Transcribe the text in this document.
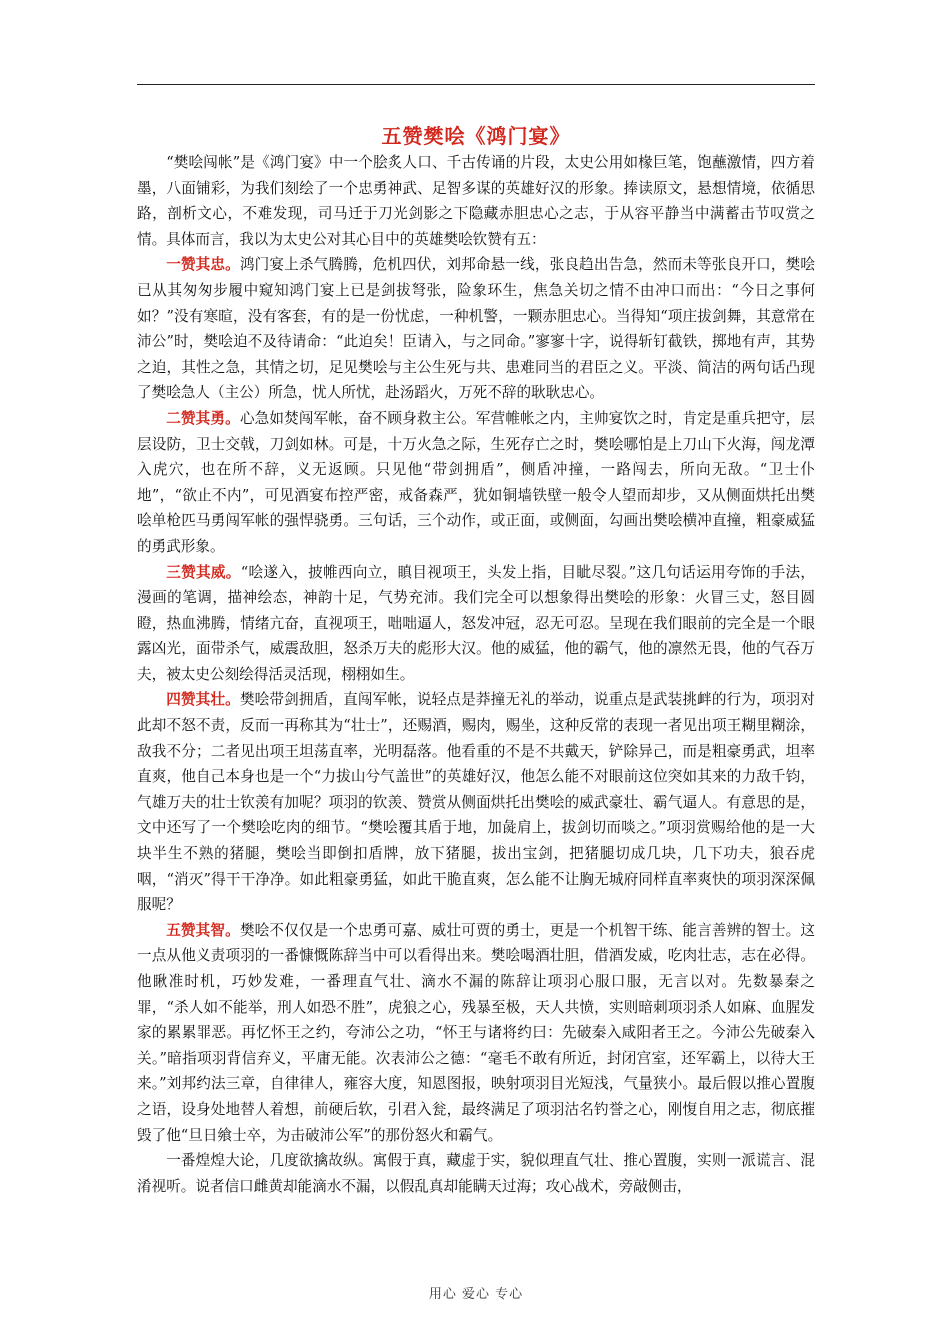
五赞樊哙《鸿门宴》

“樊哙闯帐”是《鸿门宴》中一个脍炙人口、千古传诵的片段，太史公用如椽巨笔，饱蘸激情，四方着墨，八面铺彩，为我们刻绘了一个忠勇神武、足智多谋的英雄好汉的形象。捧读原文，悬想情境，依循思路，剖析文心，不难发现，司马迁于刀光剑影之下隐藏赤胆忠心之志，于从容平静当中满蓄击节叹赏之情。具体而言，我以为太史公对其心目中的英雄樊哙钦赞有五：

一赞其忠。鸿门宴上杀气腾腾，危机四伏，刘邦命悬一线，张良趋出告急，然而未等张良开口，樊哙已从其匆匆步履中窥知鸿门宴上已是剑拔弩张，险象环生，焦急关切之情不由冲口而出：“今日之事何如？”没有寒暄，没有客套，有的是一份忧虑，一种机警，一颗赤胆忠心。当得知“项庄拔剑舞，其意常在沛公”时，樊哙迫不及待请命：“此迫矣！臣请入，与之同命。”寥寥十字，说得斩钉截铁，掷地有声，其势之迫，其性之急，其情之切，足见樊哙与主公生死与共、患难同当的君臣之义。平淡、简洁的两句话凸现了樊哙急人（主公）所急，忧人所忧，赴汤蹈火，万死不辞的耿耿忠心。

二赞其勇。心急如焚闯军帐，奋不顾身救主公。军营帷帐之内，主帅宴饮之时，肯定是重兵把守，层层设防，卫士交戟，刀剑如林。可是，十万火急之际，生死存亡之时，樊哙哪怕是上刀山下火海，闯龙潭入虎穴，也在所不辞，义无返顾。只见他“带剑拥盾”，侧盾冲撞，一路闯去，所向无敌。“卫士仆地”，“欲止不内”，可见酒宴布控严密，戒备森严，犹如铜墙铁壁一般令人望而却步，又从侧面烘托出樊哙单枪匹马勇闯军帐的强悍骁勇。三句话，三个动作，或正面，或侧面，勾画出樊哙横冲直撞，粗豪威猛的勇武形象。

三赞其威。“哙遂入，披帷西向立，瞋目视项王，头发上指，目眦尽裂。”这几句话运用夸饰的手法，漫画的笔调，描神绘态，神韵十足，气势充沛。我们完全可以想象得出樊哙的形象：火冒三丈，怒目圆瞪，热血沸腾，情绪亢奋，直视项王，咄咄逼人，怒发冲冠，忍无可忍。呈现在我们眼前的完全是一个眼露凶光，面带杀气，威震敌胆，怒杀万夫的彪形大汉。他的威猛，他的霸气，他的凛然无畏，他的气吞万夫，被太史公刻绘得活灵活现，栩栩如生。

四赞其壮。樊哙带剑拥盾，直闯军帐，说轻点是莽撞无礼的举动，说重点是武装挑衅的行为，项羽对此却不怒不责，反而一再称其为“壮士”，还赐酒，赐肉，赐坐，这种反常的表现一者见出项王糊里糊涂，敌我不分；二者见出项王坦荡直率，光明磊落。他看重的不是不共戴天，铲除异己，而是粗豪勇武，坦率直爽，他自己本身也是一个“力拔山兮气盖世”的英雄好汉，他怎么能不对眼前这位突如其来的力敌千钧，气雄万夫的壮士钦羡有加呢？项羽的钦羡、赞赏从侧面烘托出樊哙的威武豪壮、霸气逼人。有意思的是，文中还写了一个樊哙吃肉的细节。“樊哙覆其盾于地，加彘肩上，拔剑切而啖之。”项羽赏赐给他的是一大块半生不熟的猪腿，樊哙当即倒扣盾牌，放下猪腿，拔出宝剑，把猪腿切成几块，几下功夫，狼吞虎咽，“消灭”得干干净净。如此粗豪勇猛，如此干脆直爽，怎么能不让胸无城府同样直率爽快的项羽深深佩服呢？

五赞其智。樊哙不仅仅是一个忠勇可嘉、威壮可贾的勇士，更是一个机智干练、能言善辨的智士。这一点从他义责项羽的一番慷慨陈辞当中可以看得出来。樊哙喝酒壮胆，借酒发威，吃肉壮志，志在必得。他瞅准时机，巧妙发难，一番理直气壮、滴水不漏的陈辞让项羽心服口服，无言以对。先数暴秦之罪，“杀人如不能举，刑人如恐不胜”，虎狼之心，残暴至极，天人共愤，实则暗刺项羽杀人如麻、血腥发家的累累罪恶。再忆怀王之约，夸沛公之功，“怀王与诸将约曰：先破秦入咸阳者王之。今沛公先破秦入关。”暗指项羽背信弃义，平庸无能。次表沛公之德：“毫毛不敢有所近，封闭宫室，还军霸上，以待大王来。”刘邦约法三章，自律律人，雍容大度，知恩图报，映射项羽目光短浅，气量狭小。最后假以推心置腹之语，设身处地替人着想，前硬后软，引君入瓮，最终满足了项羽沽名钓誉之心，刚愎自用之志，彻底摧毁了他“旦日飨士卒，为击破沛公军”的那份怒火和霸气。

一番煌煌大论，几度欲擒故纵。寓假于真，藏虚于实，貌似理直气壮、推心置腹，实则一派谎言、混淆视听。说者信口雌黄却能滴水不漏，以假乱真却能瞒天过海；攻心战术，旁敲侧击，

用心 爱心 专心
